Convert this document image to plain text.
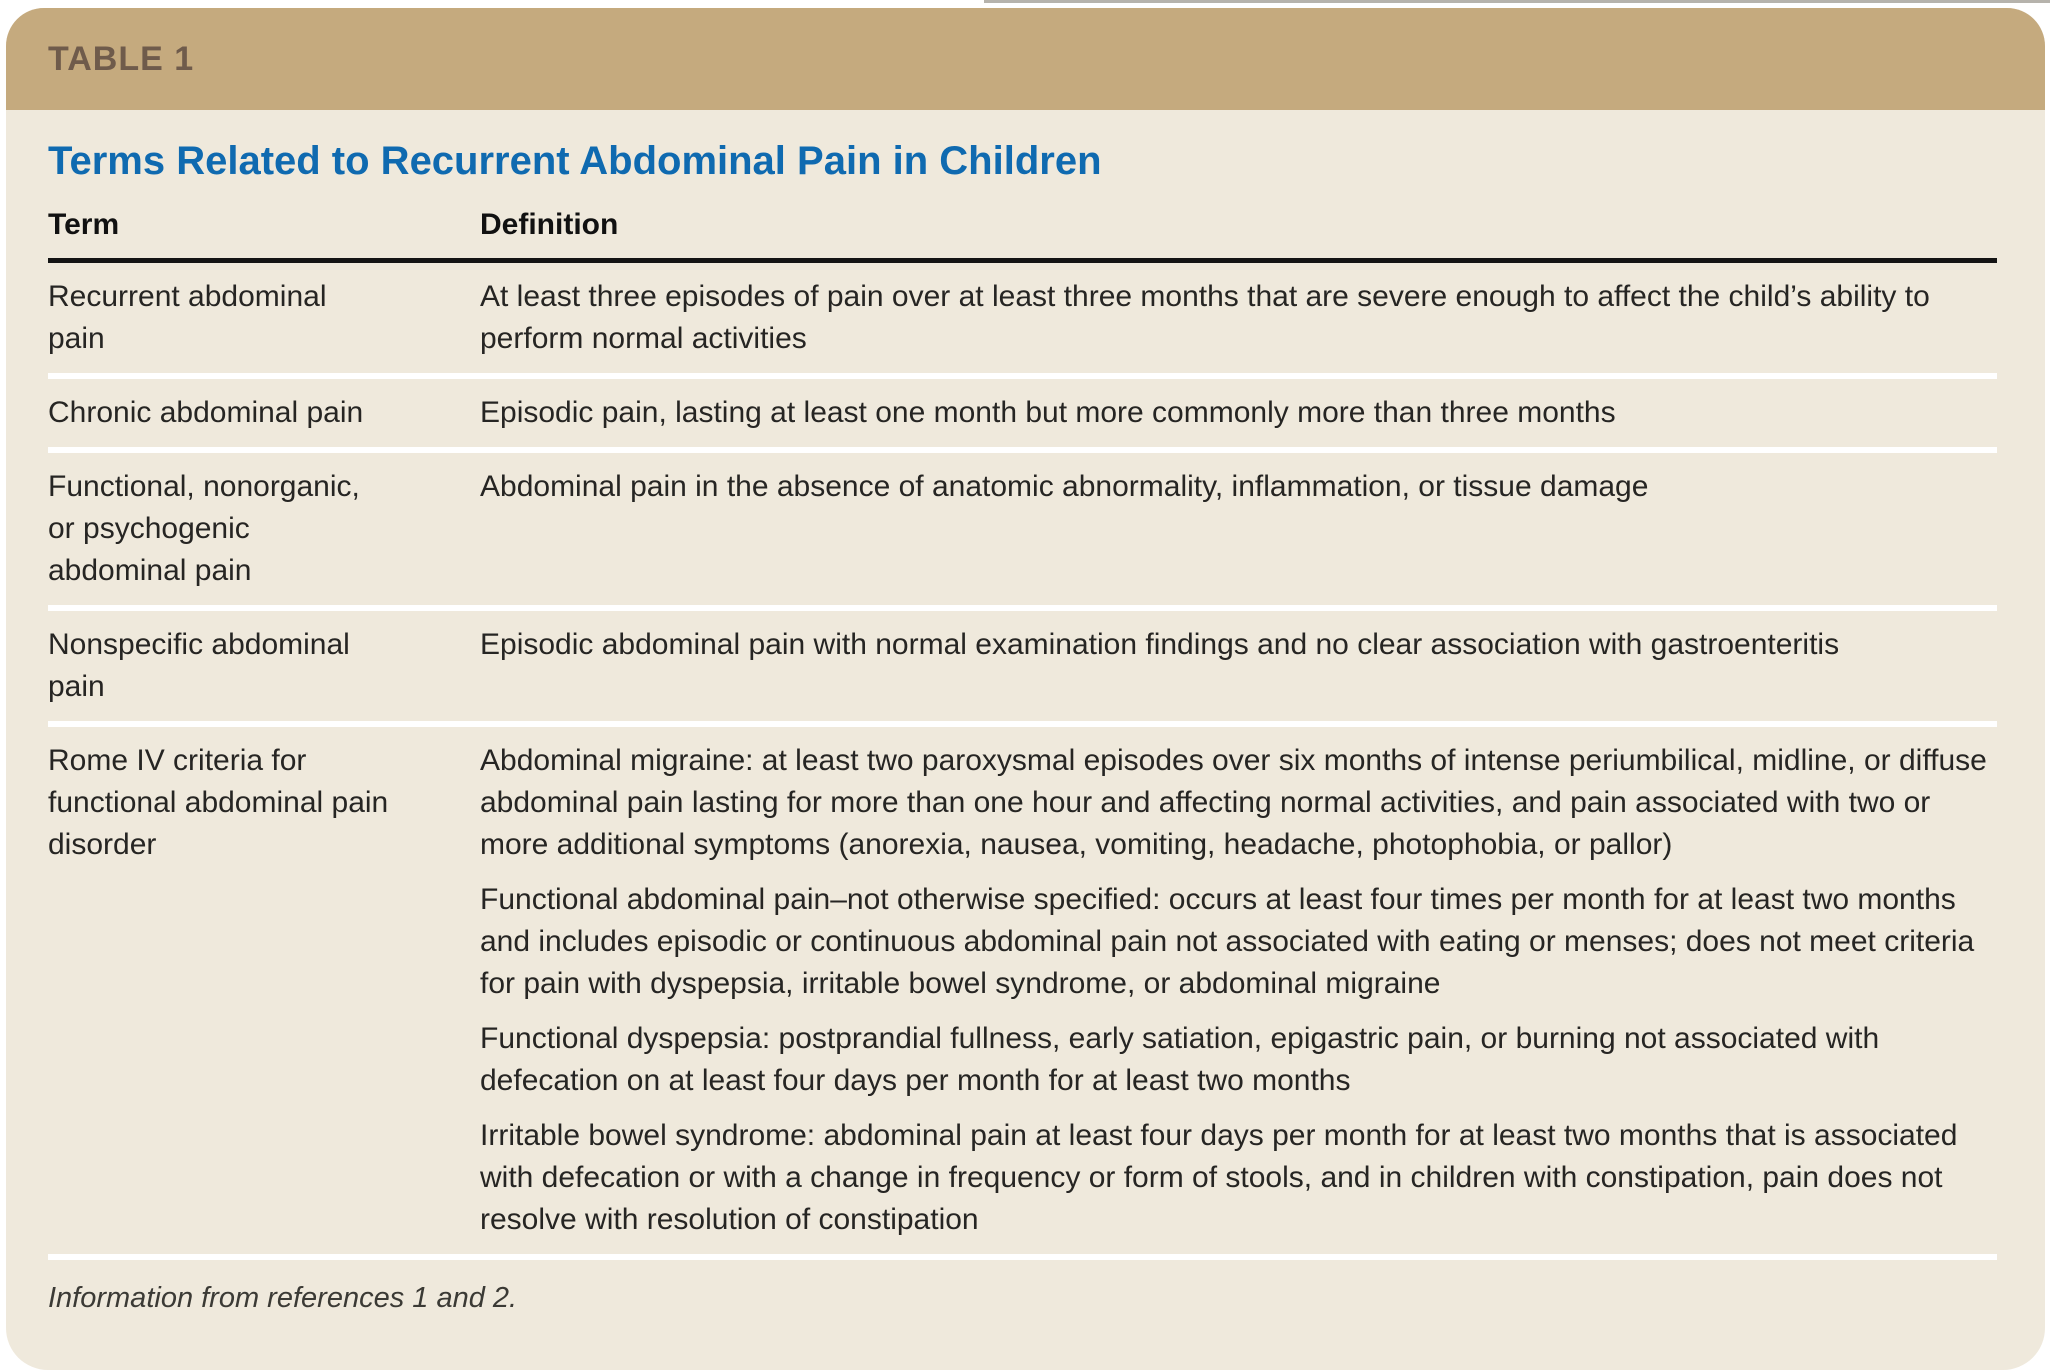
TABLE 1
Terms Related to Recurrent Abdominal Pain in Children
Term	Definition
Recurrent abdominal pain

At least three episodes of pain over at least three months that are severe enough to affect the child’s ability to perform normal activities

Chronic abdominal pain	Episodic pain, lasting at least one month but more commonly more than three months

Functional, nonorganic, or psychogenic abdominal pain

Abdominal pain in the absence of anatomic abnormality, inflammation, or tissue damage

Nonspecific abdominal pain

Episodic abdominal pain with normal examination findings and no clear association with gastroenteritis

Rome IV criteria for functional abdominal pain disorder

Abdominal migraine: at least two paroxysmal episodes over six months of intense periumbilical, midline, or diffuse abdominal pain lasting for more than one hour and affecting normal activities, and pain associated with two or more additional symptoms (anorexia, nausea, vomiting, headache, photophobia, or pallor)

Functional abdominal pain–not otherwise specified: occurs at least four times per month for at least two months and includes episodic or continuous abdominal pain not associated with eating or menses; does not meet criteria for pain with dyspepsia, irritable bowel syndrome, or abdominal migraine

Functional dyspepsia: postprandial fullness, early satiation, epigastric pain, or burning not associated with defecation on at least four days per month for at least two months

Irritable bowel syndrome: abdominal pain at least four days per month for at least two months that is associated with defecation or with a change in frequency or form of stools, and in children with constipation, pain does not resolve with resolution of constipation

Information from references 1 and 2.
